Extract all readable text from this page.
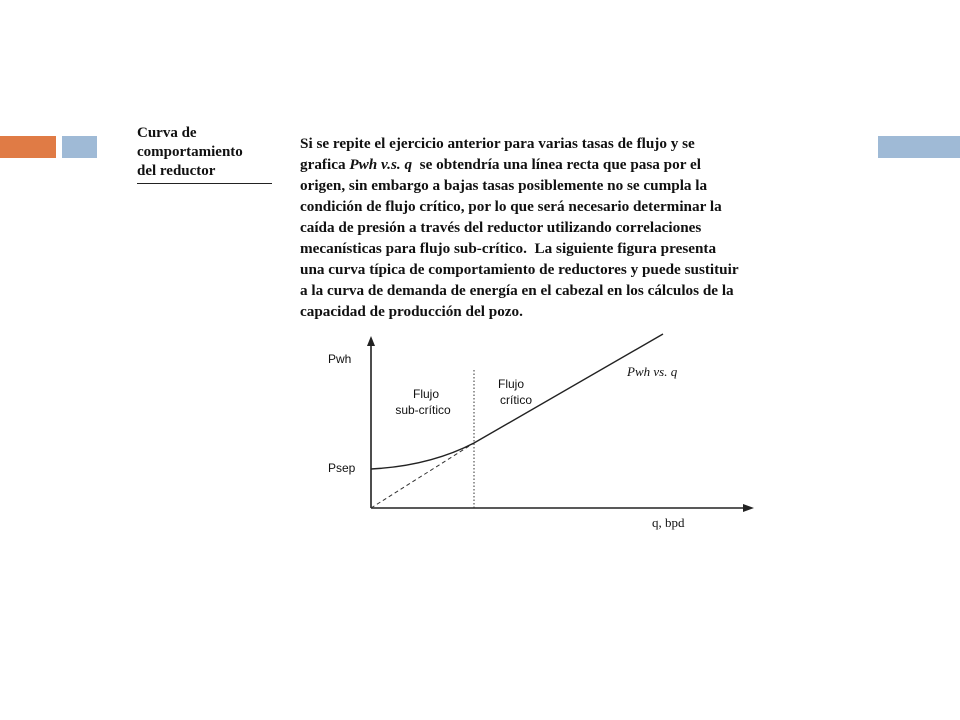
Curva de
comportamiento
del reductor
Si se repite el ejercicio anterior para varias tasas de flujo y se
grafica Pwh v.s. q se obtendría una línea recta que pasa por el
origen, sin embargo a bajas tasas posiblemente no se cumpla la
condición de flujo crítico, por lo que será necesario determinar la
caída de presión a través del reductor utilizando correlaciones
mecanísticas para flujo sub-crítico.  La siguiente figura presenta
una curva típica de comportamiento de reductores y puede sustituir
a la curva de demanda de energía en el cabezal en los cálculos de la
capacidad de producción del pozo.
Pwh
Psep
q, bpd
Flujo
sub-crítico
Flujo
crítico
Pwh vs. q
